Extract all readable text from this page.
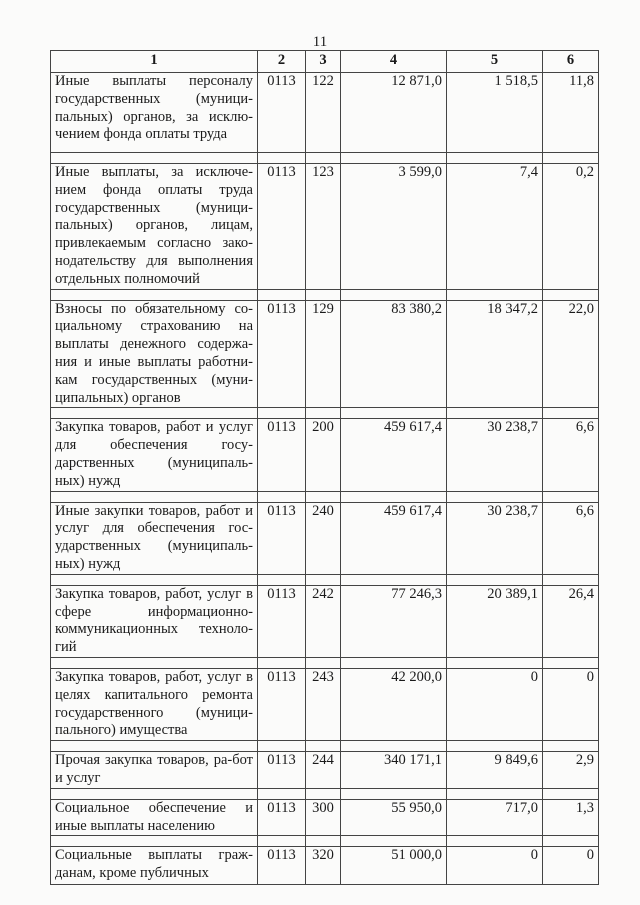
11
1	2	3	4	5	6
Иные выплаты персоналу государственных (муници-пальных) органов, за исклю-чением фонда оплаты труда	0113	122	12 871,0	1 518,5	11,8

Иные выплаты, за исключе-нием фонда оплаты труда государственных (муници-пальных) органов, лицам, привлекаемым согласно зако-нодательству для выполнения отдельных полномочий	0113	123	3 599,0	7,4	0,2

Взносы по обязательному со-циальному страхованию на выплаты денежного содержа-ния и иные выплаты работни-кам государственных (муни-ципальных) органов	0113	129	83 380,2	18 347,2	22,0

Закупка товаров, работ и услуг для обеспечения госу-дарственных (муниципаль-ных) нужд	0113	200	459 617,4	30 238,7	6,6

Иные закупки товаров, работ и услуг для обеспечения гос-ударственных (муниципаль-ных) нужд	0113	240	459 617,4	30 238,7	6,6

Закупка товаров, работ, услуг в сфере информационно-коммуникационных техноло-гий	0113	242	77 246,3	20 389,1	26,4

Закупка товаров, работ, услуг в целях капитального ремонта государственного (муници-пального) имущества	0113	243	42 200,0	0	0

Прочая закупка товаров, ра-бот и услуг	0113	244	340 171,1	9 849,6	2,9

Социальное обеспечение и иные выплаты населению	0113	300	55 950,0	717,0	1,3

Социальные выплаты граж-данам, кроме публичных	0113	320	51 000,0	0	0
